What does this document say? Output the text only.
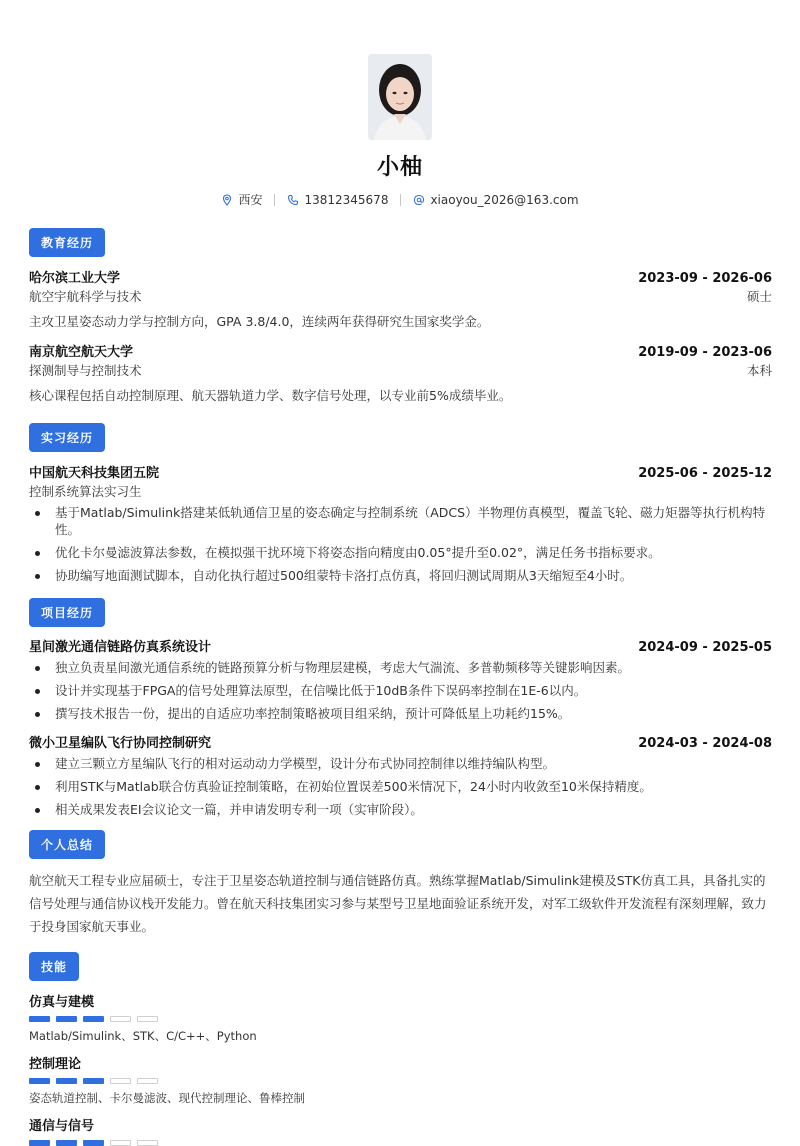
小柚
西安	13812345678	xiaoyou_2026@163.com
教育经历
哈尔滨工业大学	2023-09 - 2026-06
航空宇航科学与技术	硕士
主攻卫星姿态动力学与控制方向，GPA 3.8/4.0，连续两年获得研究生国家奖学金。
南京航空航天大学	2019-09 - 2023-06
探测制导与控制技术	本科
核心课程包括自动控制原理、航天器轨道力学、数字信号处理，以专业前5%成绩毕业。
实习经历
中国航天科技集团五院	2025-06 - 2025-12
控制系统算法实习生
基于Matlab/Simulink搭建某低轨通信卫星的姿态确定与控制系统（ADCS）半物理仿真模型，覆盖飞轮、磁力矩器等执行机构特性。
优化卡尔曼滤波算法参数，在模拟强干扰环境下将姿态指向精度由0.05°提升至0.02°，满足任务书指标要求。
协助编写地面测试脚本，自动化执行超过500组蒙特卡洛打点仿真，将回归测试周期从3天缩短至4小时。
项目经历
星间激光通信链路仿真系统设计	2024-09 - 2025-05
独立负责星间激光通信系统的链路预算分析与物理层建模，考虑大气湍流、多普勒频移等关键影响因素。
设计并实现基于FPGA的信号处理算法原型，在信噪比低于10dB条件下误码率控制在1E-6以内。
撰写技术报告一份，提出的自适应功率控制策略被项目组采纳，预计可降低星上功耗约15%。
微小卫星编队飞行协同控制研究	2024-03 - 2024-08
建立三颗立方星编队飞行的相对运动动力学模型，设计分布式协同控制律以维持编队构型。
利用STK与Matlab联合仿真验证控制策略，在初始位置误差500米情况下，24小时内收敛至10米保持精度。
相关成果发表EI会议论文一篇，并申请发明专利一项（实审阶段）。
个人总结
航空航天工程专业应届硕士，专注于卫星姿态轨道控制与通信链路仿真。熟练掌握Matlab/Simulink建模及STK仿真工具，具备扎实的信号处理与通信协议栈开发能力。曾在航天科技集团实习参与某型号卫星地面验证系统开发，对军工级软件开发流程有深刻理解，致力于投身国家航天事业。
技能
仿真与建模
Matlab/Simulink、STK、C/C++、Python
控制理论
姿态轨道控制、卡尔曼滤波、现代控制理论、鲁棒控制
通信与信号
